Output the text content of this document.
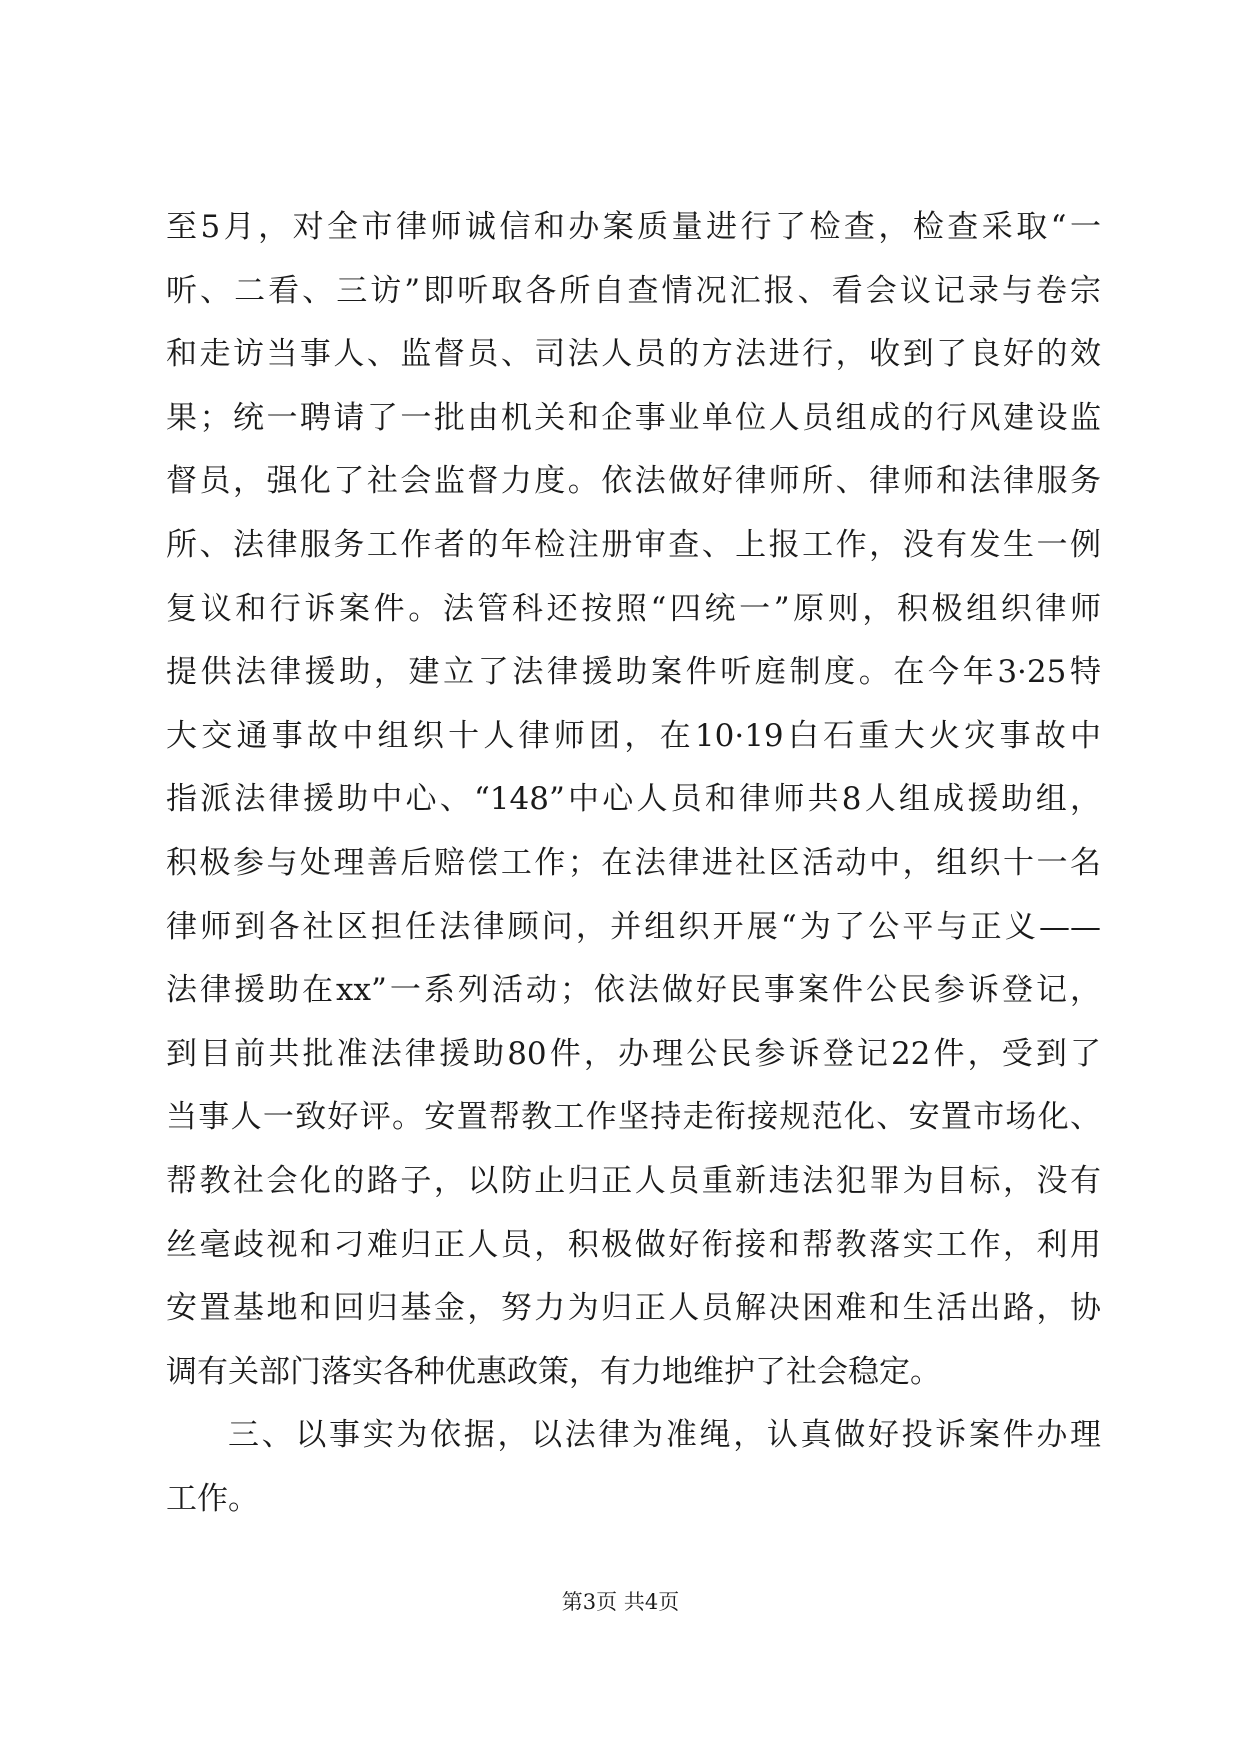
至5月，对全市律师诚信和办案质量进行了检查，检查采取“一
听、二看、三访”即听取各所自查情况汇报、看会议记录与卷宗
和走访当事人、监督员、司法人员的方法进行，收到了良好的效
果；统一聘请了一批由机关和企事业单位人员组成的行风建设监
督员，强化了社会监督力度。依法做好律师所、律师和法律服务
所、法律服务工作者的年检注册审查、上报工作，没有发生一例
复议和行诉案件。法管科还按照“四统一”原则，积极组织律师
提供法律援助，建立了法律援助案件听庭制度。在今年3·25特
大交通事故中组织十人律师团，在10·19白石重大火灾事故中
指派法律援助中心、“148”中心人员和律师共8人组成援助组，
积极参与处理善后赔偿工作；在法律进社区活动中，组织十一名
律师到各社区担任法律顾问，并组织开展“为了公平与正义——
法律援助在xx”一系列活动；依法做好民事案件公民参诉登记，
到目前共批准法律援助80件，办理公民参诉登记22件，受到了
当事人一致好评。安置帮教工作坚持走衔接规范化、安置市场化、
帮教社会化的路子，以防止归正人员重新违法犯罪为目标，没有
丝毫歧视和刁难归正人员，积极做好衔接和帮教落实工作，利用
安置基地和回归基金，努力为归正人员解决困难和生活出路，协
调有关部门落实各种优惠政策，有力地维护了社会稳定。
三、以事实为依据，以法律为准绳，认真做好投诉案件办理
工作。
第3页 共4页
